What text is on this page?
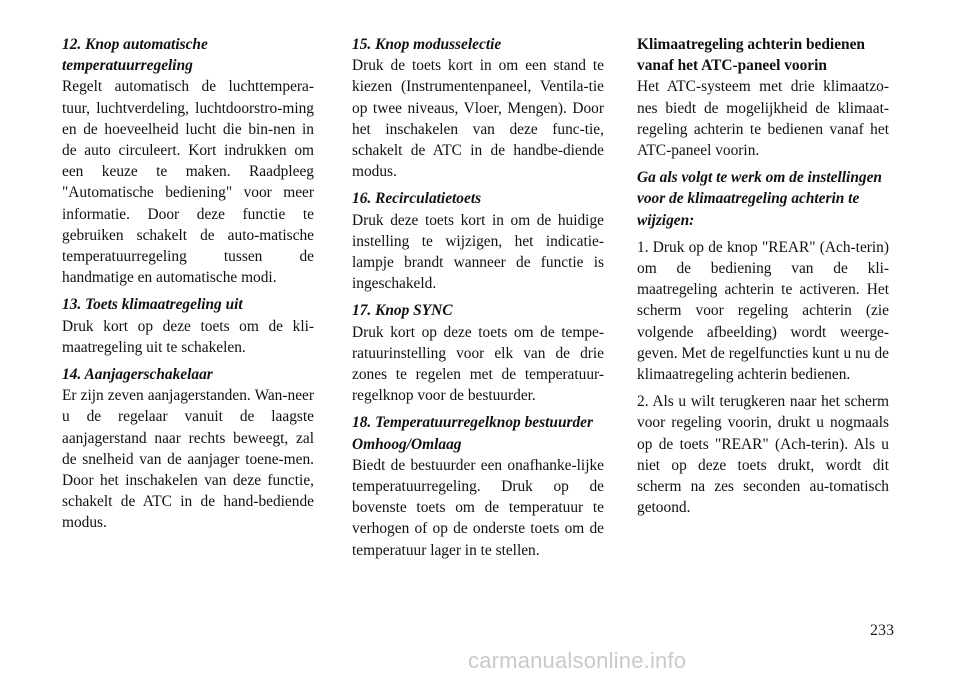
12. Knop automatische temperatuurregeling
Regelt automatisch de luchttempera-tuur, luchtverdeling, luchtdoorstro-ming en de hoeveelheid lucht die bin-nen in de auto circuleert. Kort indrukken om een keuze te maken. Raadpleeg "Automatische bediening" voor meer informatie. Door deze functie te gebruiken schakelt de auto-matische temperatuurregeling tussen de handmatige en automatische modi.
13. Toets klimaatregeling uit
Druk kort op deze toets om de kli-maatregeling uit te schakelen.
14. Aanjagerschakelaar
Er zijn zeven aanjagerstanden. Wan-neer u de regelaar vanuit de laagste aanjagerstand naar rechts beweegt, zal de snelheid van de aanjager toene-men. Door het inschakelen van deze functie, schakelt de ATC in de hand-bediende modus.
15. Knop modusselectie
Druk de toets kort in om een stand te kiezen (Instrumentenpaneel, Ventila-tie op twee niveaus, Vloer, Mengen). Door het inschakelen van deze func-tie, schakelt de ATC in de handbe-diende modus.
16. Recirculatietoets
Druk deze toets kort in om de huidige instelling te wijzigen, het indicatie-lampje brandt wanneer de functie is ingeschakeld.
17. Knop SYNC
Druk kort op deze toets om de tempe-ratuurinstelling voor elk van de drie zones te regelen met de temperatuur-regelknop voor de bestuurder.
18. Temperatuurregelknop bestuurder Omhoog/Omlaag
Biedt de bestuurder een onafhanke-lijke temperatuurregeling. Druk op de bovenste toets om de temperatuur te verhogen of op de onderste toets om de temperatuur lager in te stellen.
Klimaatregeling achterin bedienen vanaf het ATC-paneel voorin
Het ATC-systeem met drie klimaatzo-nes biedt de mogelijkheid de klimaat-regeling achterin te bedienen vanaf het ATC-paneel voorin.
Ga als volgt te werk om de instellingen voor de klimaatregeling achterin te wijzigen:
1. Druk op de knop "REAR" (Ach-terin) om de bediening van de kli-maatregeling achterin te activeren. Het scherm voor regeling achterin (zie volgende afbeelding) wordt weerge-geven. Met de regelfuncties kunt u nu de klimaatregeling achterin bedienen.
2. Als u wilt terugkeren naar het scherm voor regeling voorin, drukt u nogmaals op de toets "REAR" (Ach-terin). Als u niet op deze toets drukt, wordt dit scherm na zes seconden au-tomatisch getoond.
233
carmanualsonline.info
